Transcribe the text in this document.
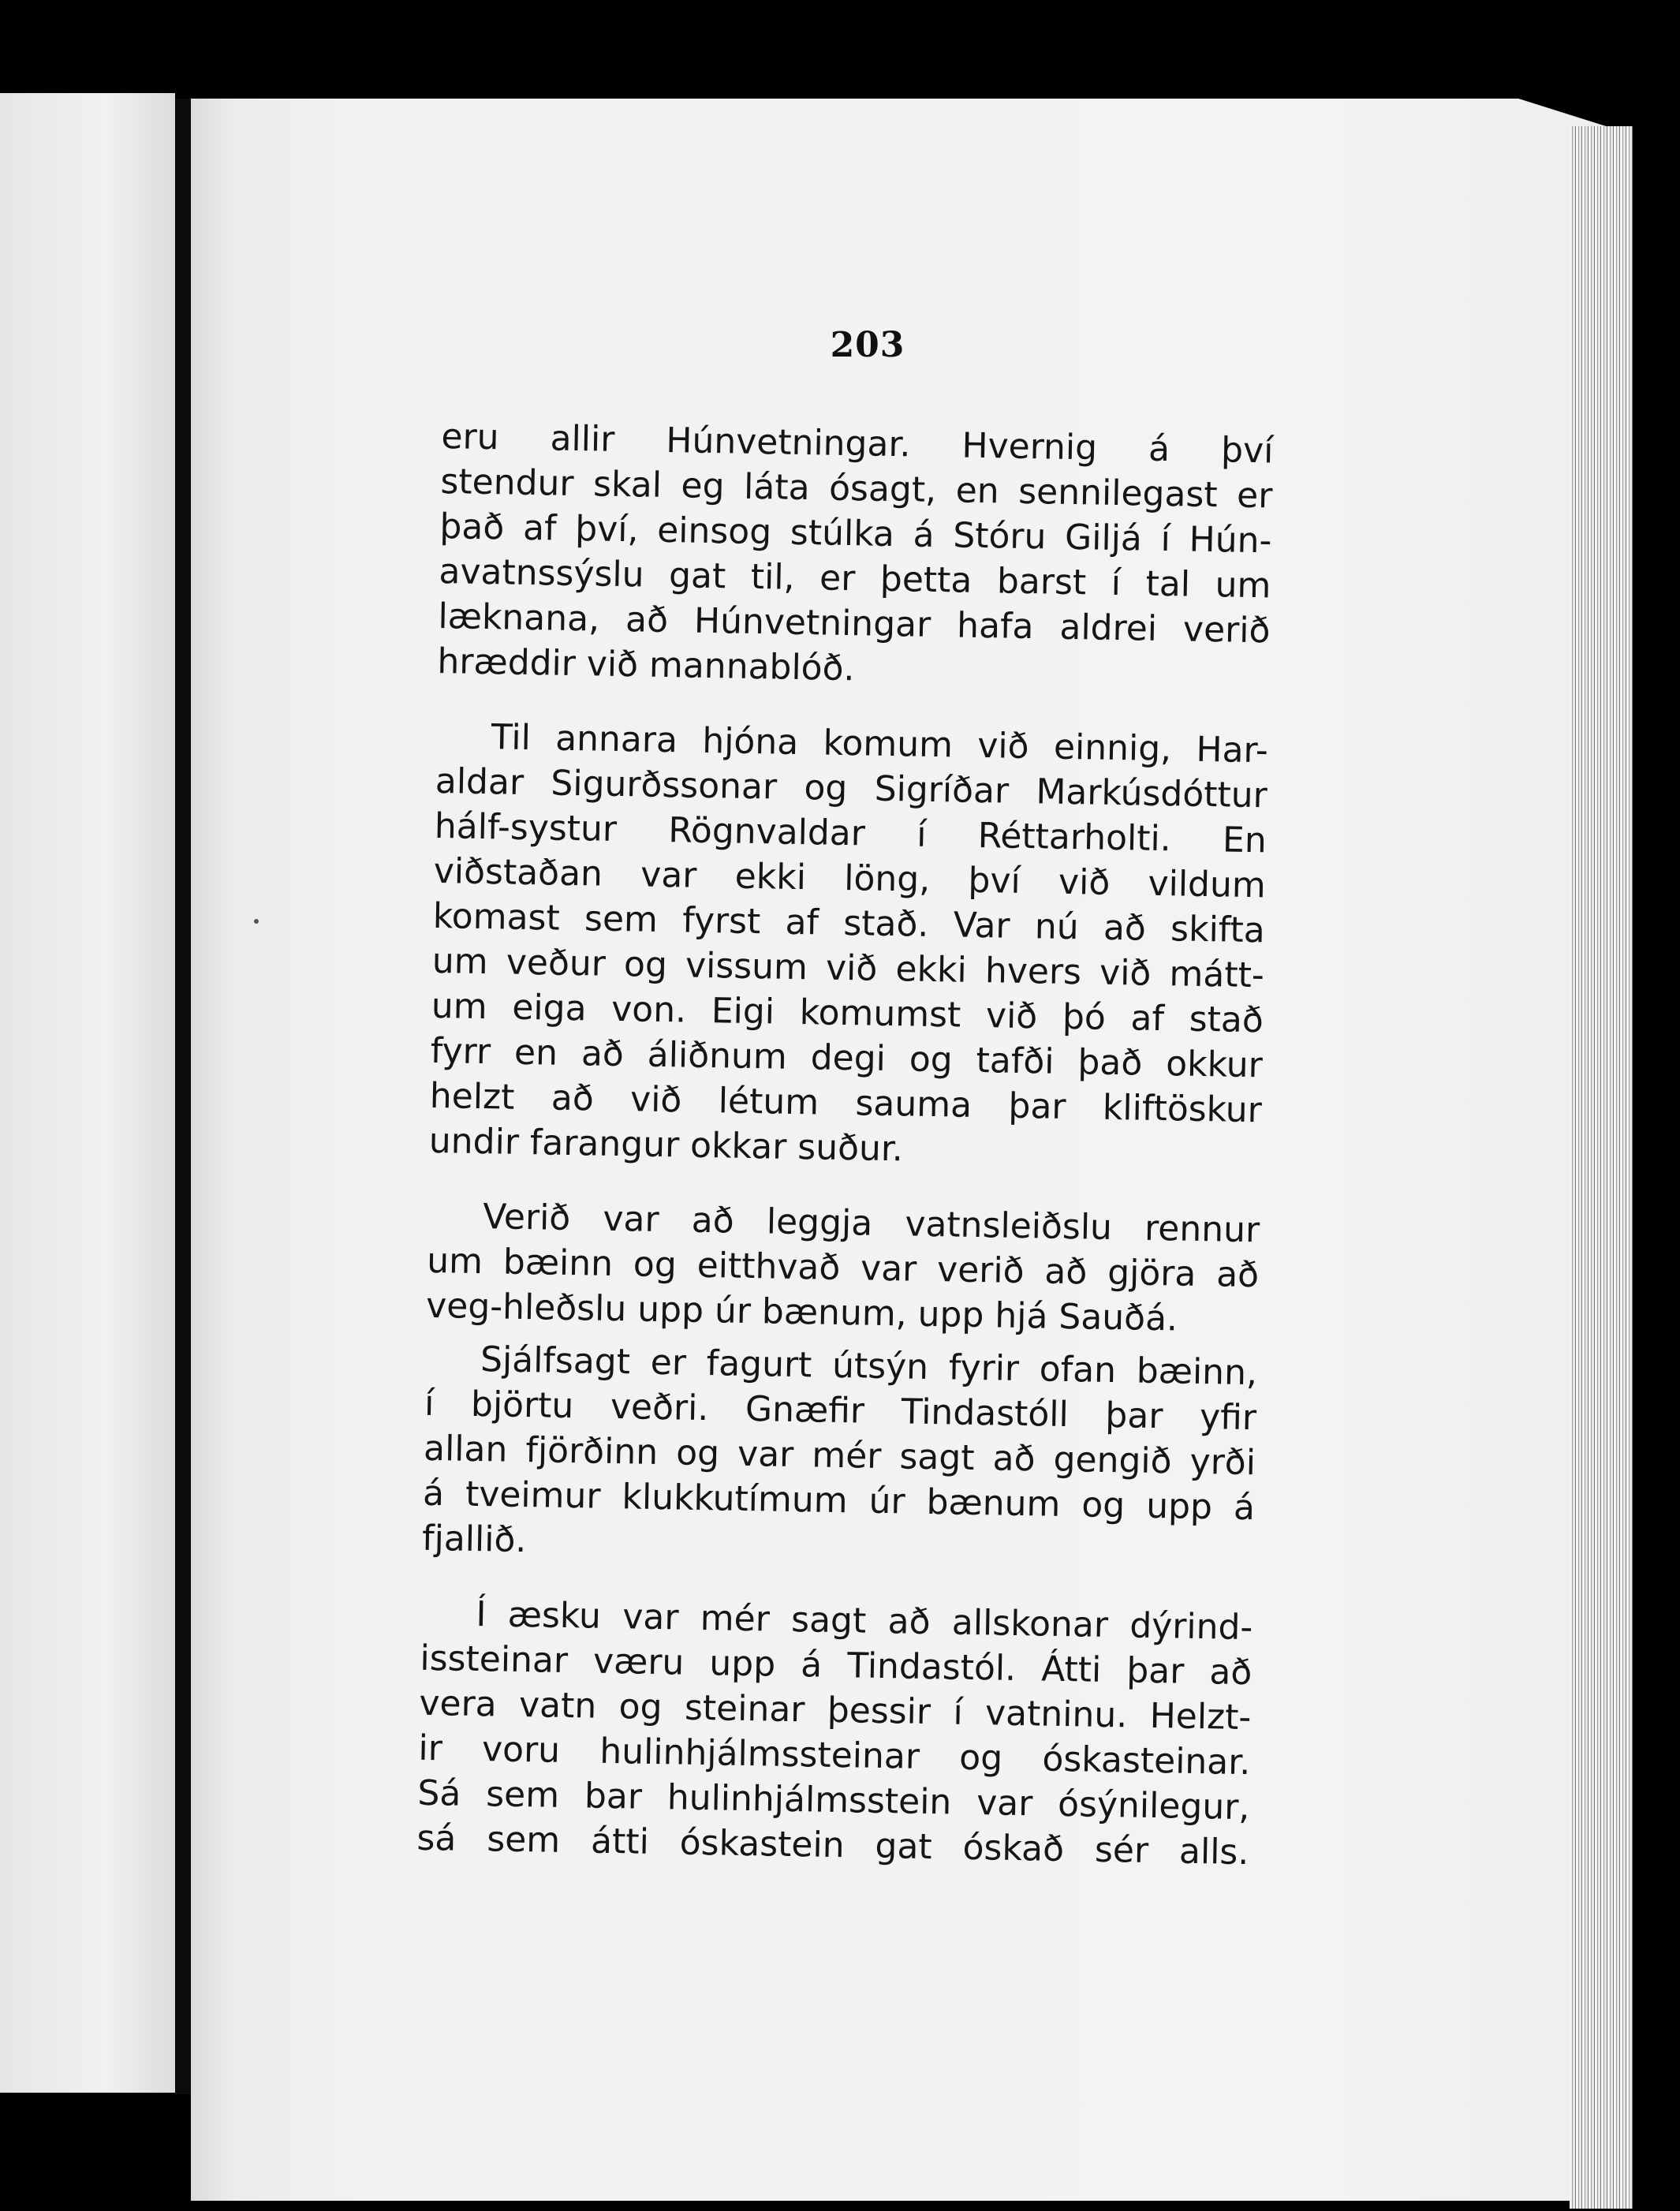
203
eru allir Húnvetningar. Hvernig á því
stendur skal eg láta ósagt, en sennilegast er
það af því, einsog stúlka á Stóru Giljá í Hún-
avatnssýslu gat til, er þetta barst í tal um
læknana, að Húnvetningar hafa aldrei verið
hræddir við mannablóð.
Til annara hjóna komum við einnig, Har-
aldar Sigurðssonar og Sigríðar Markúsdóttur
hálf-systur Rögnvaldar í Réttarholti. En
viðstaðan var ekki löng, því við vildum
komast sem fyrst af stað. Var nú að skifta
um veður og vissum við ekki hvers við mátt-
um eiga von. Eigi komumst við þó af stað
fyrr en að áliðnum degi og tafði það okkur
helzt að við létum sauma þar kliftöskur
undir farangur okkar suður.
Verið var að leggja vatnsleiðslu rennur
um bæinn og eitthvað var verið að gjöra að
veg-hleðslu upp úr bænum, upp hjá Sauðá.
Sjálfsagt er fagurt útsýn fyrir ofan bæinn,
í björtu veðri. Gnæfir Tindastóll þar yfir
allan fjörðinn og var mér sagt að gengið yrði
á tveimur klukkutímum úr bænum og upp á
fjallið.
Í æsku var mér sagt að allskonar dýrind-
issteinar væru upp á Tindastól. Átti þar að
vera vatn og steinar þessir í vatninu. Helzt-
ir voru hulinhjálmssteinar og óskasteinar.
Sá sem bar hulinhjálmsstein var ósýnilegur,
sá sem átti óskastein gat óskað sér alls.
